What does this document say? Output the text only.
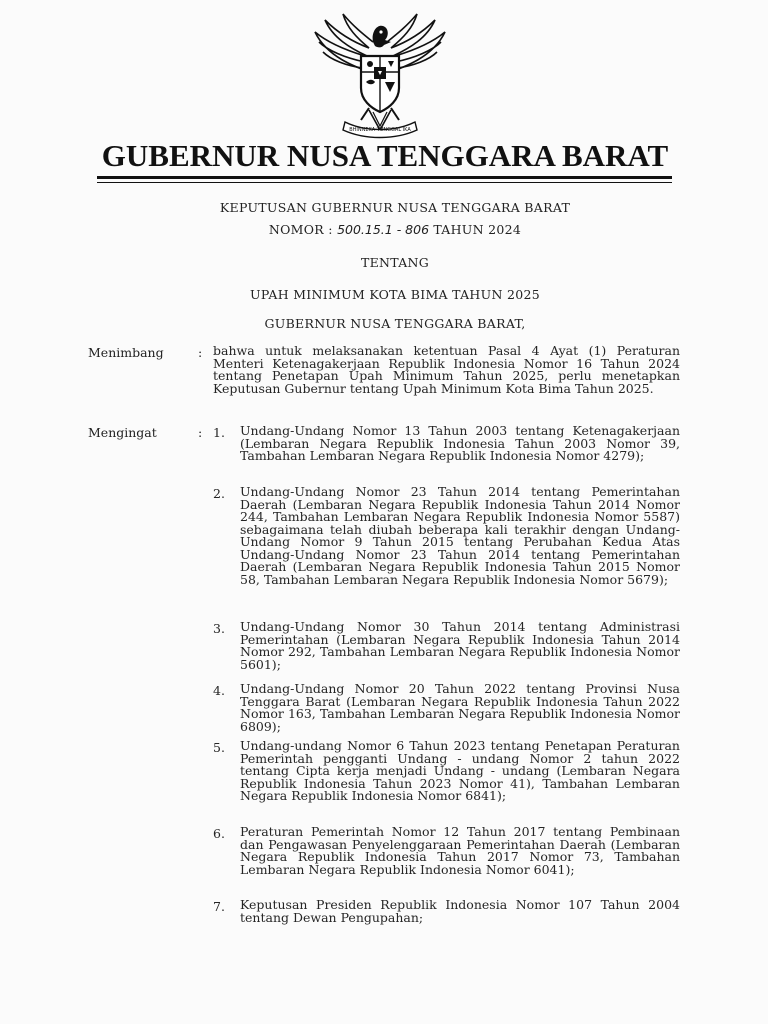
BHINNEKA TUNGGAL IKA
GUBERNUR NUSA TENGGARA BARAT
KEPUTUSAN GUBERNUR NUSA TENGGARA BARAT
NOMOR : 500.15.1 - 806 TAHUN 2024
TENTANG
UPAH MINIMUM KOTA BIMA TAHUN 2025
GUBERNUR NUSA TENGGARA BARAT,
Menimbang	: bahwa untuk melaksanakan ketentuan Pasal 4 Ayat (1) Peraturan Menteri Ketenagakerjaan Republik Indonesia Nomor 16 Tahun 2024 tentang Penetapan Upah Minimum Tahun 2025, perlu menetapkan Keputusan Gubernur tentang Upah Minimum Kota Bima Tahun 2025.
Mengingat	: 1. Undang-Undang Nomor 13 Tahun 2003 tentang Ketenagakerjaan (Lembaran Negara Republik Indonesia Tahun 2003 Nomor 39, Tambahan Lembaran Negara Republik Indonesia Nomor 4279);
2. Undang-Undang Nomor 23 Tahun 2014 tentang Pemerintahan Daerah (Lembaran Negara Republik Indonesia Tahun 2014 Nomor 244, Tambahan Lembaran Negara Republik Indonesia Nomor 5587) sebagaimana telah diubah beberapa kali terakhir dengan Undang-Undang Nomor 9 Tahun 2015 tentang Perubahan Kedua Atas Undang-Undang Nomor 23 Tahun 2014 tentang Pemerintahan Daerah (Lembaran Negara Republik Indonesia Tahun 2015 Nomor 58, Tambahan Lembaran Negara Republik Indonesia Nomor 5679);
3. Undang-Undang Nomor 30 Tahun 2014 tentang Administrasi Pemerintahan (Lembaran Negara Republik Indonesia Tahun 2014 Nomor 292, Tambahan Lembaran Negara Republik Indonesia Nomor 5601);
4. Undang-Undang Nomor 20 Tahun 2022 tentang Provinsi Nusa Tenggara Barat (Lembaran Negara Republik Indonesia Tahun 2022 Nomor 163, Tambahan Lembaran Negara Republik Indonesia Nomor 6809);
5. Undang-undang Nomor 6 Tahun 2023 tentang Penetapan Peraturan Pemerintah pengganti Undang - undang Nomor 2 tahun 2022 tentang Cipta kerja menjadi Undang - undang (Lembaran Negara Republik Indonesia Tahun 2023 Nomor 41), Tambahan Lembaran Negara Republik Indonesia Nomor 6841);
6. Peraturan Pemerintah Nomor 12 Tahun 2017 tentang Pembinaan dan Pengawasan Penyelenggaraan Pemerintahan Daerah (Lembaran Negara Republik Indonesia Tahun 2017 Nomor 73, Tambahan Lembaran Negara Republik Indonesia Nomor 6041);
7. Keputusan Presiden Republik Indonesia Nomor 107 Tahun 2004 tentang Dewan Pengupahan;
